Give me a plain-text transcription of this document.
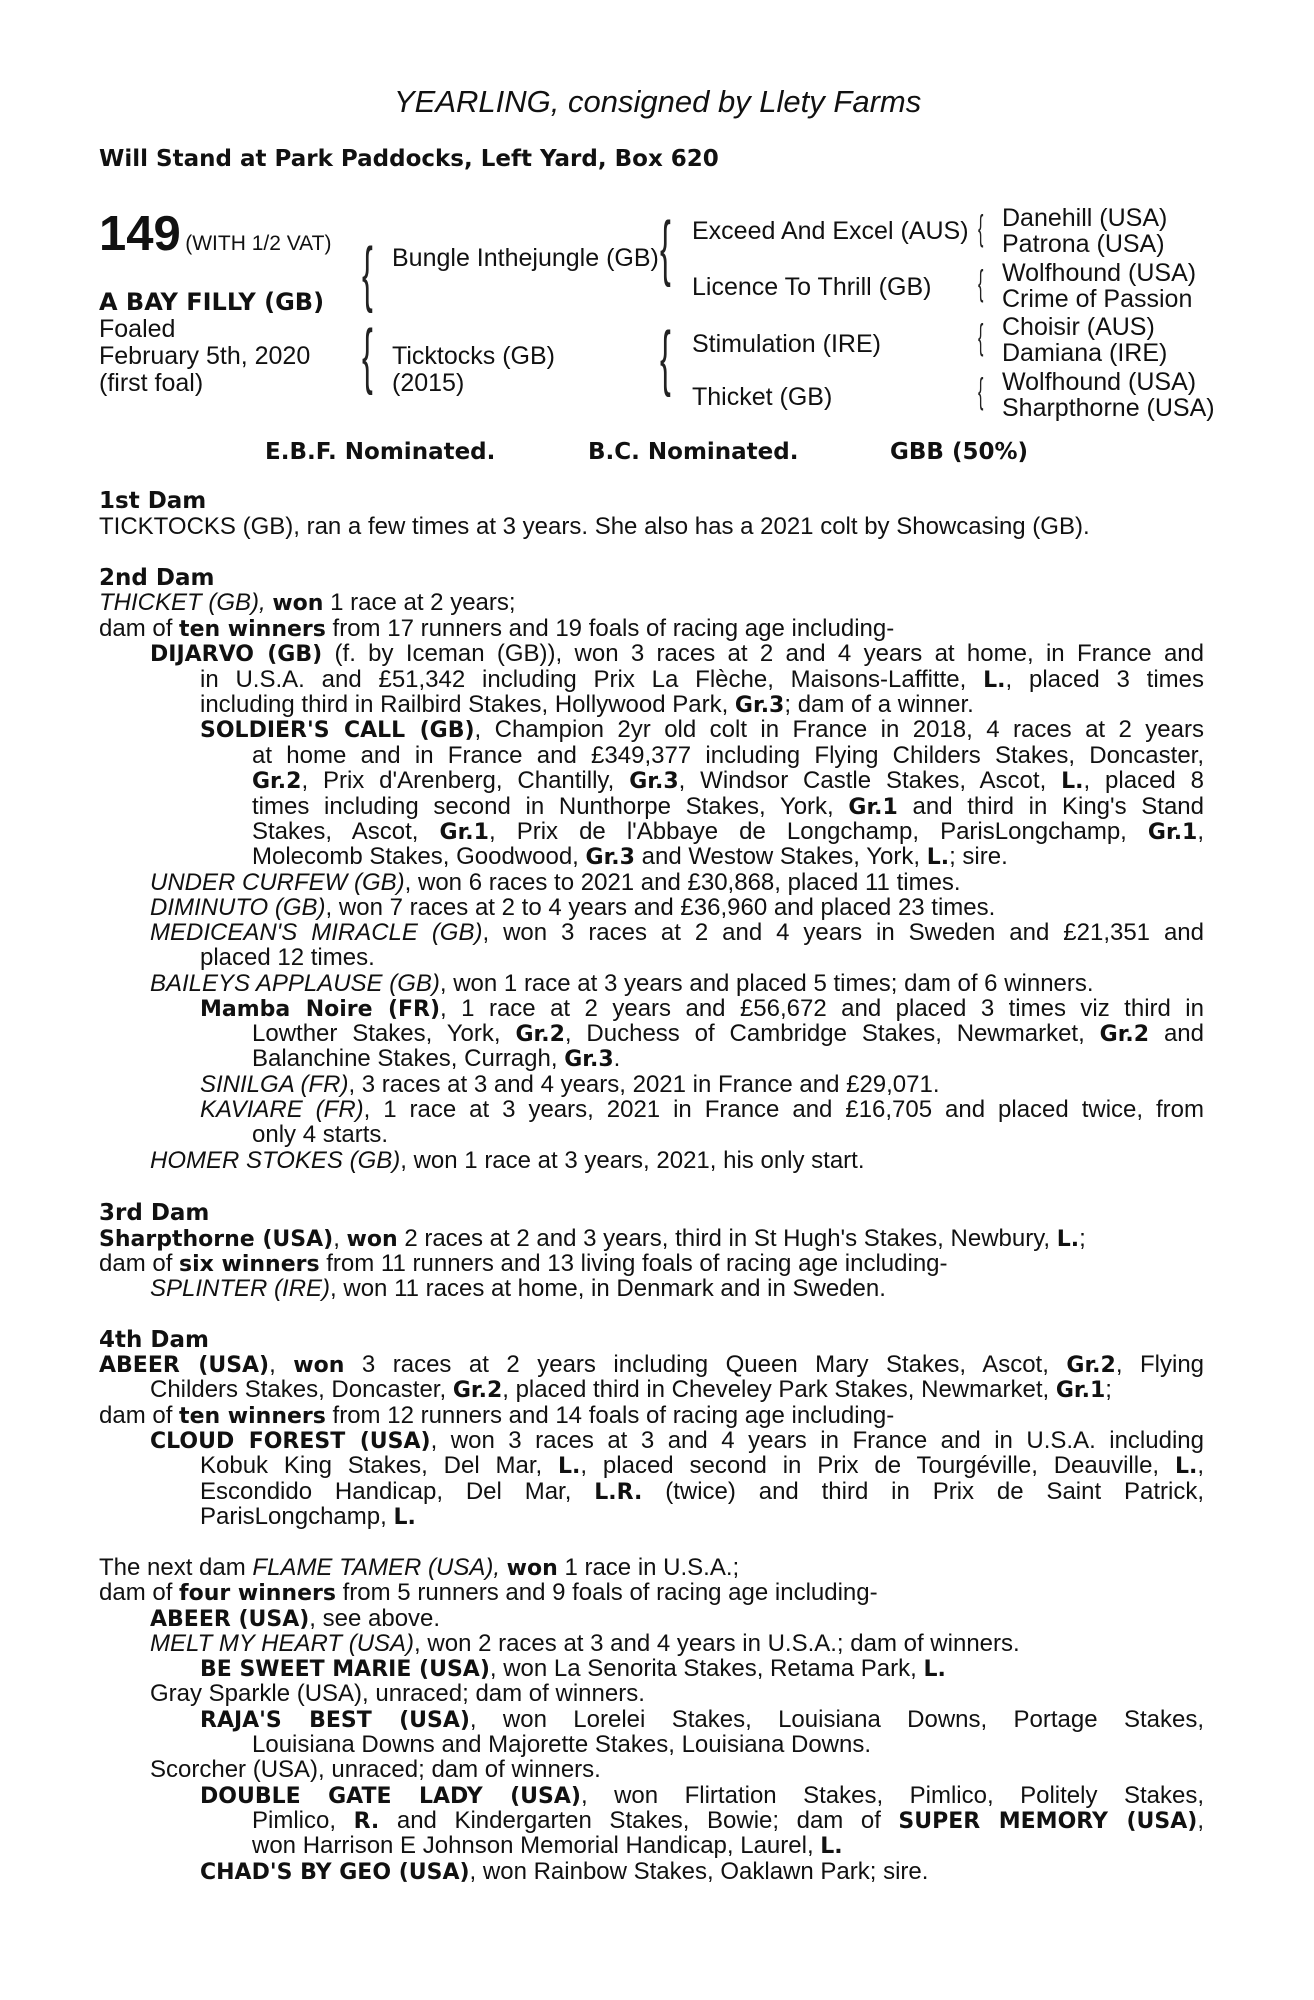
YEARLING, consigned by Llety Farms
Will Stand at Park Paddocks, Left Yard, Box 620
149 (WITH 1/2 VAT)
A BAY FILLY (GB)
Foaled
February 5th, 2020
(first foal)
{
{
{
{
{
{
{
{
Bungle Inthejungle (GB)
Ticktocks (GB)
(2015)
Exceed And Excel (AUS)
Licence To Thrill (GB)
Stimulation (IRE)
Thicket (GB)
Danehill (USA)
Patrona (USA)
Wolfhound (USA)
Crime of Passion
Choisir (AUS)
Damiana (IRE)
Wolfhound (USA)
Sharpthorne (USA)
E.B.F. Nominated.	B.C. Nominated.	GBB (50%)
1st Dam
TICKTOCKS (GB), ran a few times at 3 years. She also has a 2021 colt by Showcasing (GB).
2nd Dam
THICKET (GB), won 1 race at 2 years;
dam of ten winners from 17 runners and 19 foals of racing age including-
DIJARVO (GB) (f. by Iceman (GB)), won 3 races at 2 and 4 years at home, in France and
in U.S.A. and £51,342 including Prix La Flèche, Maisons-Laffitte, L., placed 3 times
including third in Railbird Stakes, Hollywood Park, Gr.3; dam of a winner.
SOLDIER'S CALL (GB), Champion 2yr old colt in France in 2018, 4 races at 2 years
at home and in France and £349,377 including Flying Childers Stakes, Doncaster,
Gr.2, Prix d'Arenberg, Chantilly, Gr.3, Windsor Castle Stakes, Ascot, L., placed 8
times including second in Nunthorpe Stakes, York, Gr.1 and third in King's Stand
Stakes, Ascot, Gr.1, Prix de l'Abbaye de Longchamp, ParisLongchamp, Gr.1,
Molecomb Stakes, Goodwood, Gr.3 and Westow Stakes, York, L.; sire.
UNDER CURFEW (GB), won 6 races to 2021 and £30,868, placed 11 times.
DIMINUTO (GB), won 7 races at 2 to 4 years and £36,960 and placed 23 times.
MEDICEAN'S MIRACLE (GB), won 3 races at 2 and 4 years in Sweden and £21,351 and
placed 12 times.
BAILEYS APPLAUSE (GB), won 1 race at 3 years and placed 5 times; dam of 6 winners.
Mamba Noire (FR), 1 race at 2 years and £56,672 and placed 3 times viz third in
Lowther Stakes, York, Gr.2, Duchess of Cambridge Stakes, Newmarket, Gr.2 and
Balanchine Stakes, Curragh, Gr.3.
SINILGA (FR), 3 races at 3 and 4 years, 2021 in France and £29,071.
KAVIARE (FR), 1 race at 3 years, 2021 in France and £16,705 and placed twice, from
only 4 starts.
HOMER STOKES (GB), won 1 race at 3 years, 2021, his only start.
3rd Dam
Sharpthorne (USA), won 2 races at 2 and 3 years, third in St Hugh's Stakes, Newbury, L.;
dam of six winners from 11 runners and 13 living foals of racing age including-
SPLINTER (IRE), won 11 races at home, in Denmark and in Sweden.
4th Dam
ABEER (USA), won 3 races at 2 years including Queen Mary Stakes, Ascot, Gr.2, Flying
Childers Stakes, Doncaster, Gr.2, placed third in Cheveley Park Stakes, Newmarket, Gr.1;
dam of ten winners from 12 runners and 14 foals of racing age including-
CLOUD FOREST (USA), won 3 races at 3 and 4 years in France and in U.S.A. including
Kobuk King Stakes, Del Mar, L., placed second in Prix de Tourgéville, Deauville, L.,
Escondido Handicap, Del Mar, L.R. (twice) and third in Prix de Saint Patrick,
ParisLongchamp, L.
The next dam FLAME TAMER (USA), won 1 race in U.S.A.;
dam of four winners from 5 runners and 9 foals of racing age including-
ABEER (USA), see above.
MELT MY HEART (USA), won 2 races at 3 and 4 years in U.S.A.; dam of winners.
BE SWEET MARIE (USA), won La Senorita Stakes, Retama Park, L.
Gray Sparkle (USA), unraced; dam of winners.
RAJA'S BEST (USA), won Lorelei Stakes, Louisiana Downs, Portage Stakes,
Louisiana Downs and Majorette Stakes, Louisiana Downs.
Scorcher (USA), unraced; dam of winners.
DOUBLE GATE LADY (USA), won Flirtation Stakes, Pimlico, Politely Stakes,
Pimlico, R. and Kindergarten Stakes, Bowie; dam of SUPER MEMORY (USA),
won Harrison E Johnson Memorial Handicap, Laurel, L.
CHAD'S BY GEO (USA), won Rainbow Stakes, Oaklawn Park; sire.
